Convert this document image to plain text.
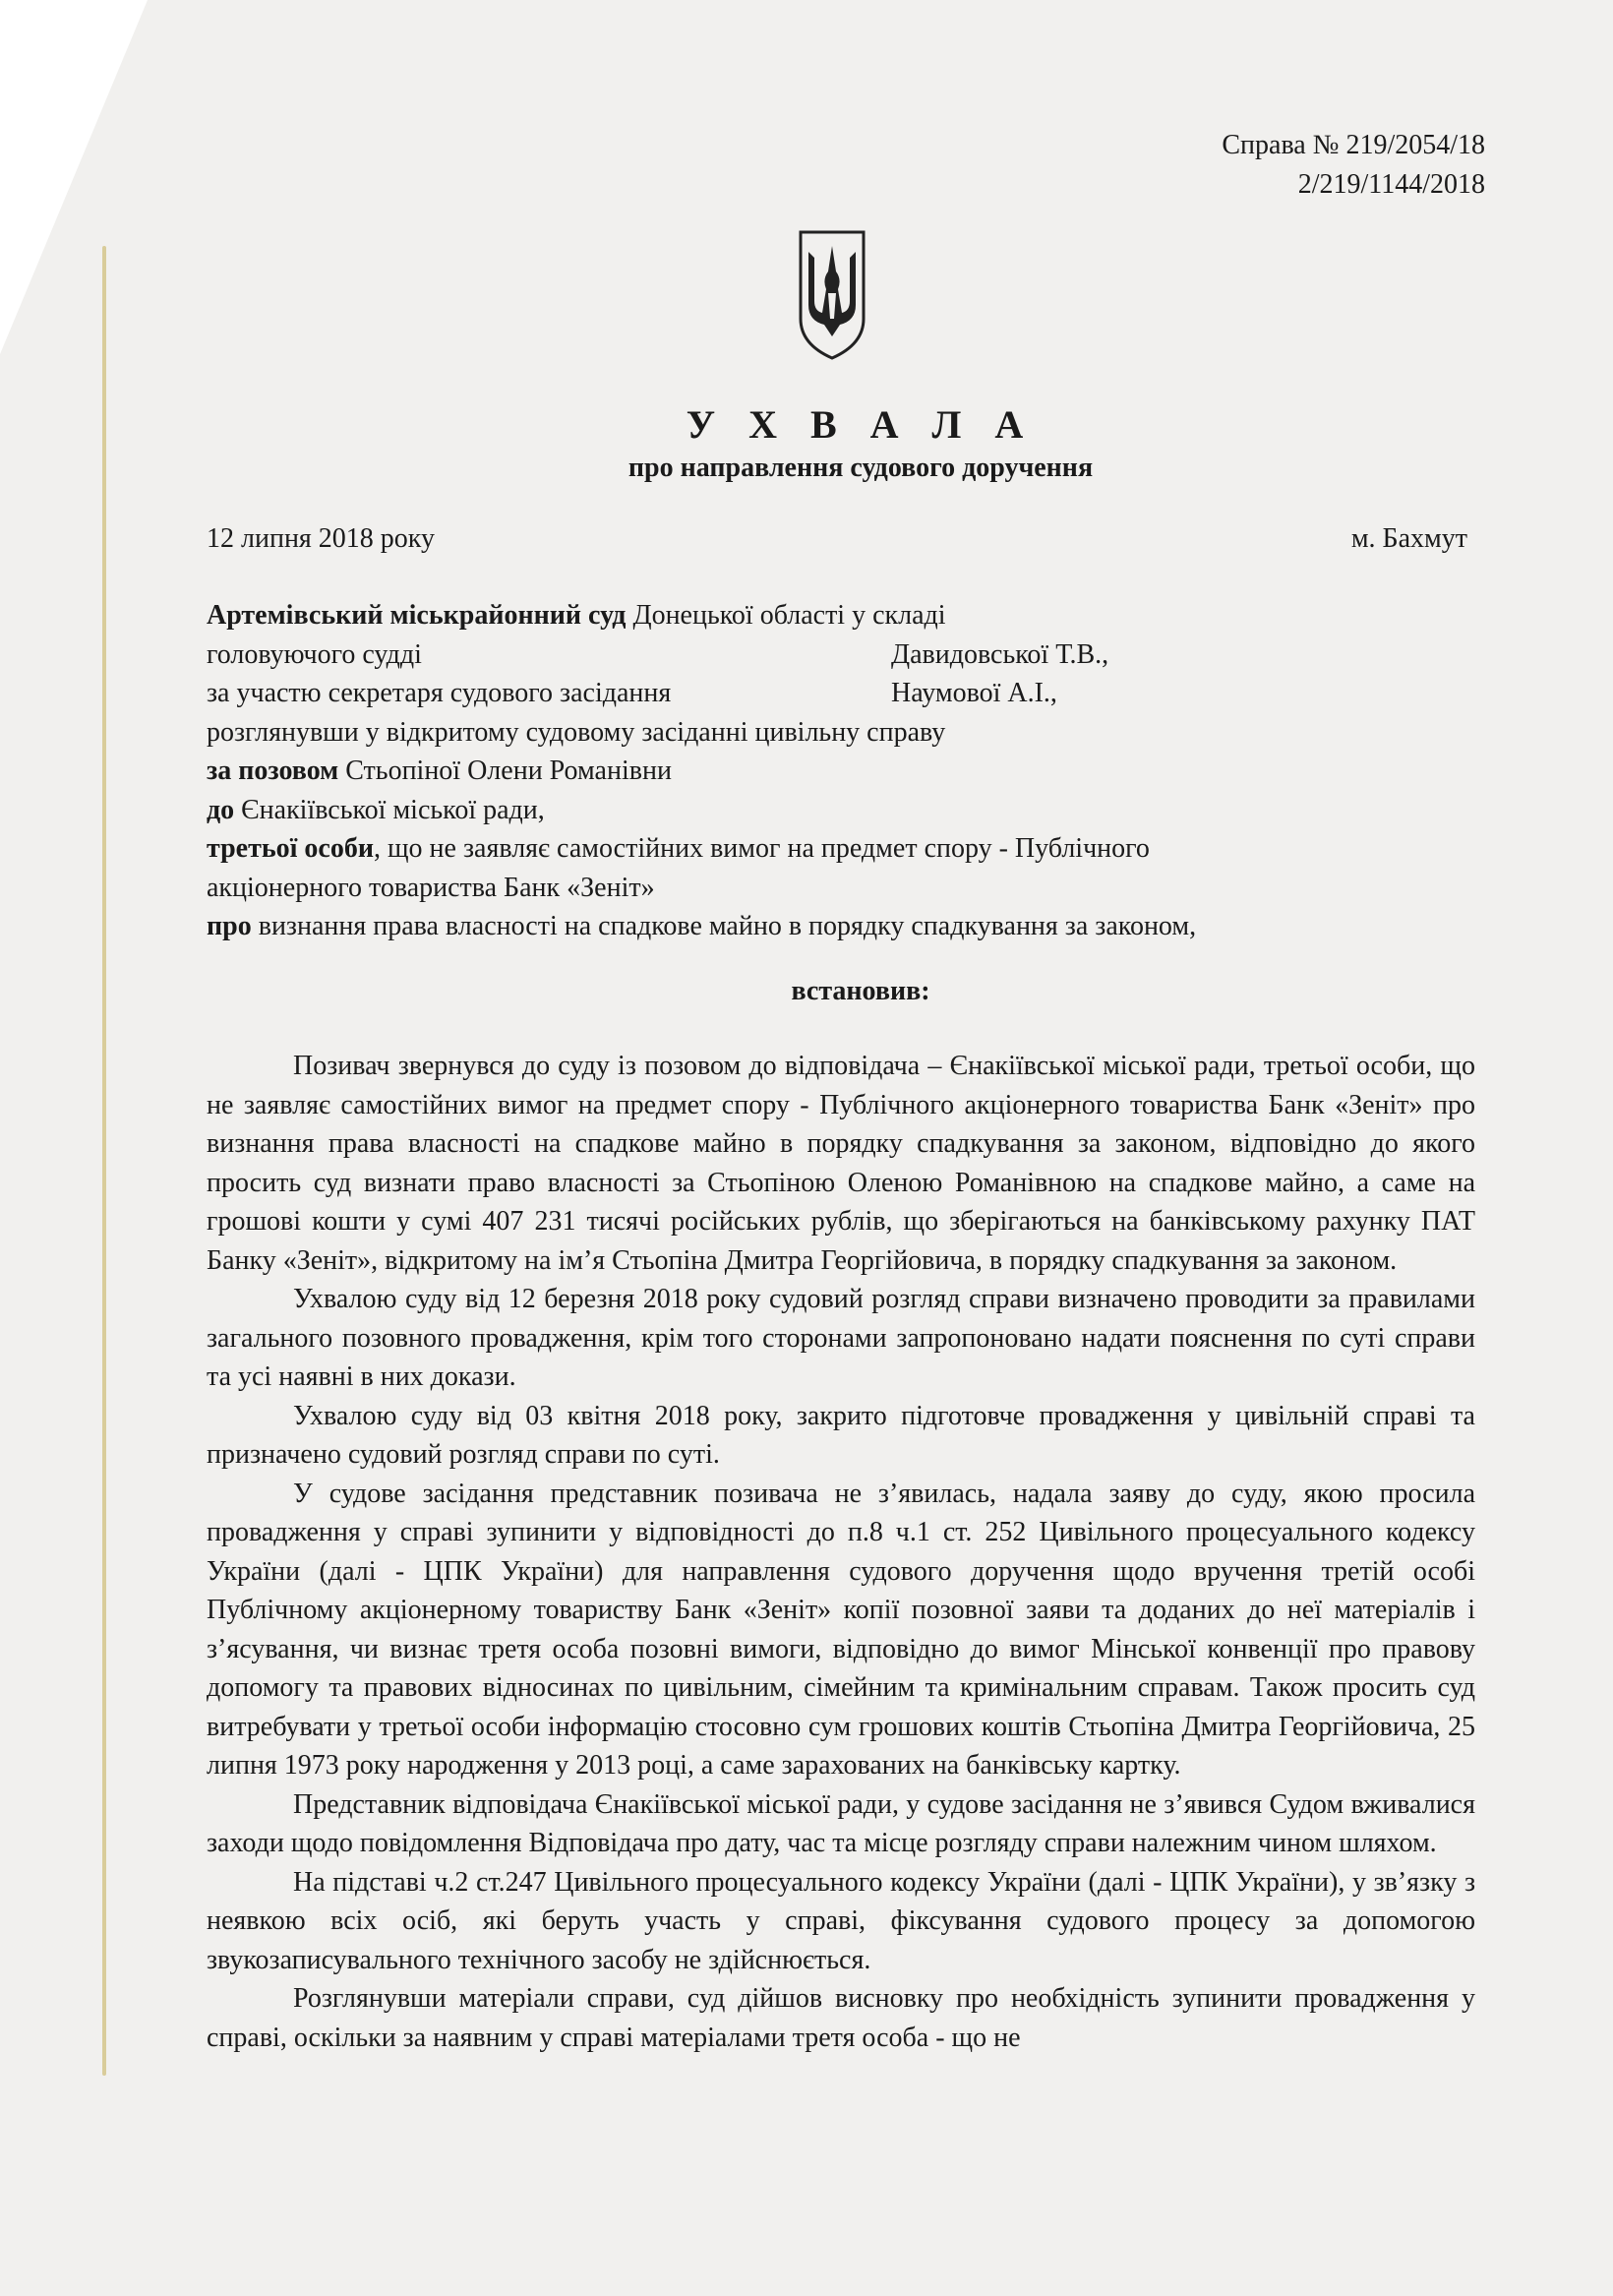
Справа № 219/2054/18
2/219/1144/2018
У Х В А Л А
про направлення судового доручення
12 липня 2018 року	м. Бахмут
Артемівський міськрайонний суд Донецької області у складі
головуючого судді	Давидовської Т.В.,
за участю секретаря судового засідання	Наумової А.І.,
розглянувши у відкритому судовому засіданні цивільну справу
за позовом Стьопіної Олени Романівни
до Єнакіївської міської ради,
третьої особи, що не заявляє самостійних вимог на предмет спору - Публічного
акціонерного товариства Банк «Зеніт»
про визнання права власності на спадкове майно в порядку спадкування за законом,
встановив:

Позивач звернувся до суду із позовом до відповідача – Єнакіївської міської ради, третьої особи, що не заявляє самостійних вимог на предмет спору - Публічного акціонерного товариства Банк «Зеніт» про визнання права власності на спадкове майно в порядку спадкування за законом, відповідно до якого просить суд визнати право власності за Стьопіною Оленою Романівною на спадкове майно, а саме на грошові кошти у сумі 407 231 тисячі російських рублів, що зберігаються на банківському рахунку ПАТ Банку «Зеніт», відкритому на ім’я Стьопіна Дмитра Георгійовича, в порядку спадкування за законом.

Ухвалою суду від 12 березня 2018 року судовий розгляд справи визначено проводити за правилами загального позовного провадження, крім того сторонами запропоновано надати пояснення по суті справи та усі наявні в них докази.

Ухвалою суду від 03 квітня 2018 року, закрито підготовче провадження у цивільній справі та призначено судовий розгляд справи по суті.

У судове засідання представник позивача не з’явилась, надала заяву до суду, якою просила провадження у справі зупинити у відповідності до п.8 ч.1 ст. 252 Цивільного процесуального кодексу України (далі - ЦПК України) для направлення судового доручення щодо вручення третій особі Публічному акціонерному товариству Банк «Зеніт» копії позовної заяви та доданих до неї матеріалів і з’ясування, чи визнає третя особа позовні вимоги, відповідно до вимог Мінської конвенції про правову допомогу та правових відносинах по цивільним, сімейним та кримінальним справам. Також просить суд витребувати у третьої особи інформацію стосовно сум грошових коштів Стьопіна Дмитра Георгійовича, 25 липня 1973 року народження у 2013 році, а саме зарахованих на банківську картку.

Представник відповідача Єнакіївської міської ради, у судове засідання не з’явився Судом вживалися заходи щодо повідомлення Відповідача про дату, час та місце розгляду справи належним чином шляхом.

На підставі ч.2 ст.247 Цивільного процесуального кодексу України (далі - ЦПК України), у зв’язку з неявкою всіх осіб, які беруть участь у справі, фіксування судового процесу за допомогою звукозаписувального технічного засобу не здійснюється.

Розглянувши матеріали справи, суд дійшов висновку про необхідність зупинити провадження у справі, оскільки за наявним у справі матеріалами третя особа - що не
